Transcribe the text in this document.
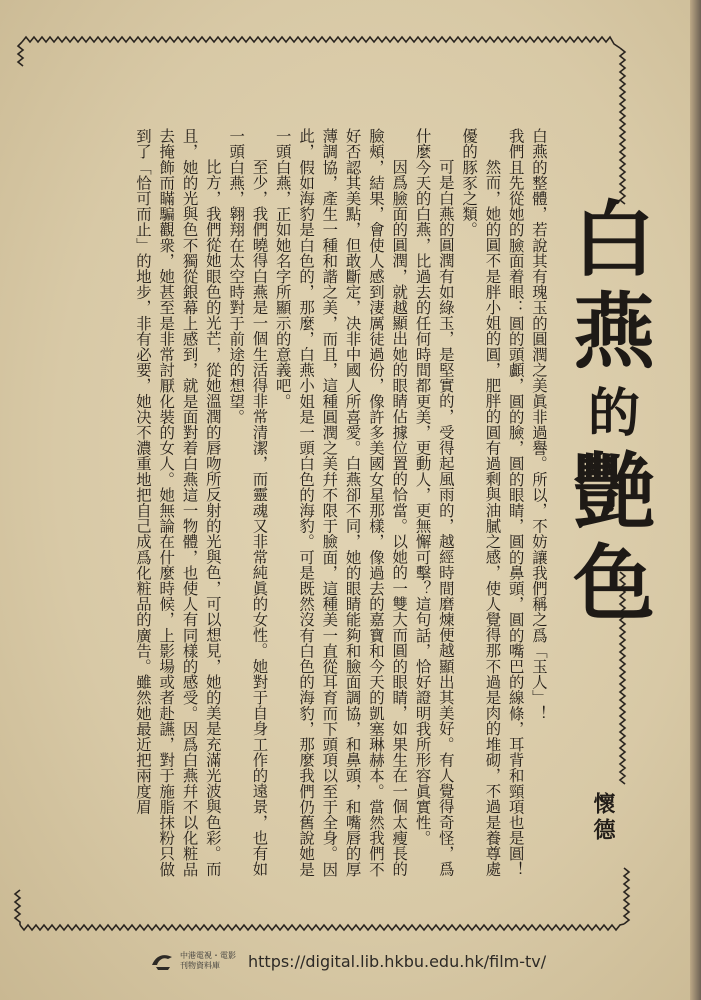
白
燕
的
艷
色
懷德

白燕的整體，若說其有瑰玉的圓潤之美眞非過譽。所以，不妨讓我們稱之爲「玉人」！

我們且先從她的臉面着眼：圓的頭顱，圓的臉，圓的眼睛，圓的鼻頭，圓的嘴巴的線條，耳背和頸項也是圓！

然而，她的圓不是胖小姐的圓，肥胖的圓有過剩與油膩之感，使人覺得那不過是肉的堆砌，不過是養尊處優的豚豕之類。

可是白燕的圓潤有如綠玉，是堅實的，受得起風雨的，越經時間磨煉便越顯出其美好。有人覺得奇怪，爲什麼今天的白燕，比過去的任何時間都更美，更動人，更無懈可擊？這句話，恰好證明我所形容眞實性。

因爲臉面的圓潤，就越顯出她的眼睛佔據位置的恰當。以她的一雙大而圓的眼睛，如果生在一個太瘦長的臉頰，結果，會使人感到淒厲徒過份，像許多美國女星那樣，像過去的嘉寶和今天的凱塞琳赫本。當然我們不好否認其美點，但敢斷定，决非中國人所喜愛。白燕卻不同，她的眼睛能夠和臉面調協，和鼻頭，和嘴唇的厚薄調協，產生一種和諧之美，而且，這種圓潤之美幷不限于臉面，這種美一直從耳育而下頭項以至于全身。因此，假如海豹是白色的，那麼，白燕小姐是一頭白色的海豹。可是既然沒有白色的海豹，那麼我們仍舊說她是一頭白燕，正如她名字所顯示的意義吧。

至少，我們曉得白燕是一個生活得非常清潔，而靈魂又非常純眞的女性。她對于自身工作的遠景，也有如一頭白燕，翱翔在太空時對于前途的想望。

比方，我們從她眼色的光芒，從她溫潤的唇吻所反射的光與色，可以想見，她的美是充滿光波與色彩。而且，她的光與色不獨從銀幕上感到，就是面對着白燕這一物體，也使人有同樣的感受。因爲白燕幷不以化粧品去掩飾而瞞騙觀衆，她甚至是非常討厭化裝的女人。她無論在什麼時候，上影場或者赴讌，對于施脂抹粉只做到了「恰可而止」的地步，非有必要，她决不濃重地把自己成爲化粧品的廣告。雖然她最近把兩度眉

中港電視・電影
刊物資料庫	https://digital.lib.hkbu.edu.hk/film-tv/
